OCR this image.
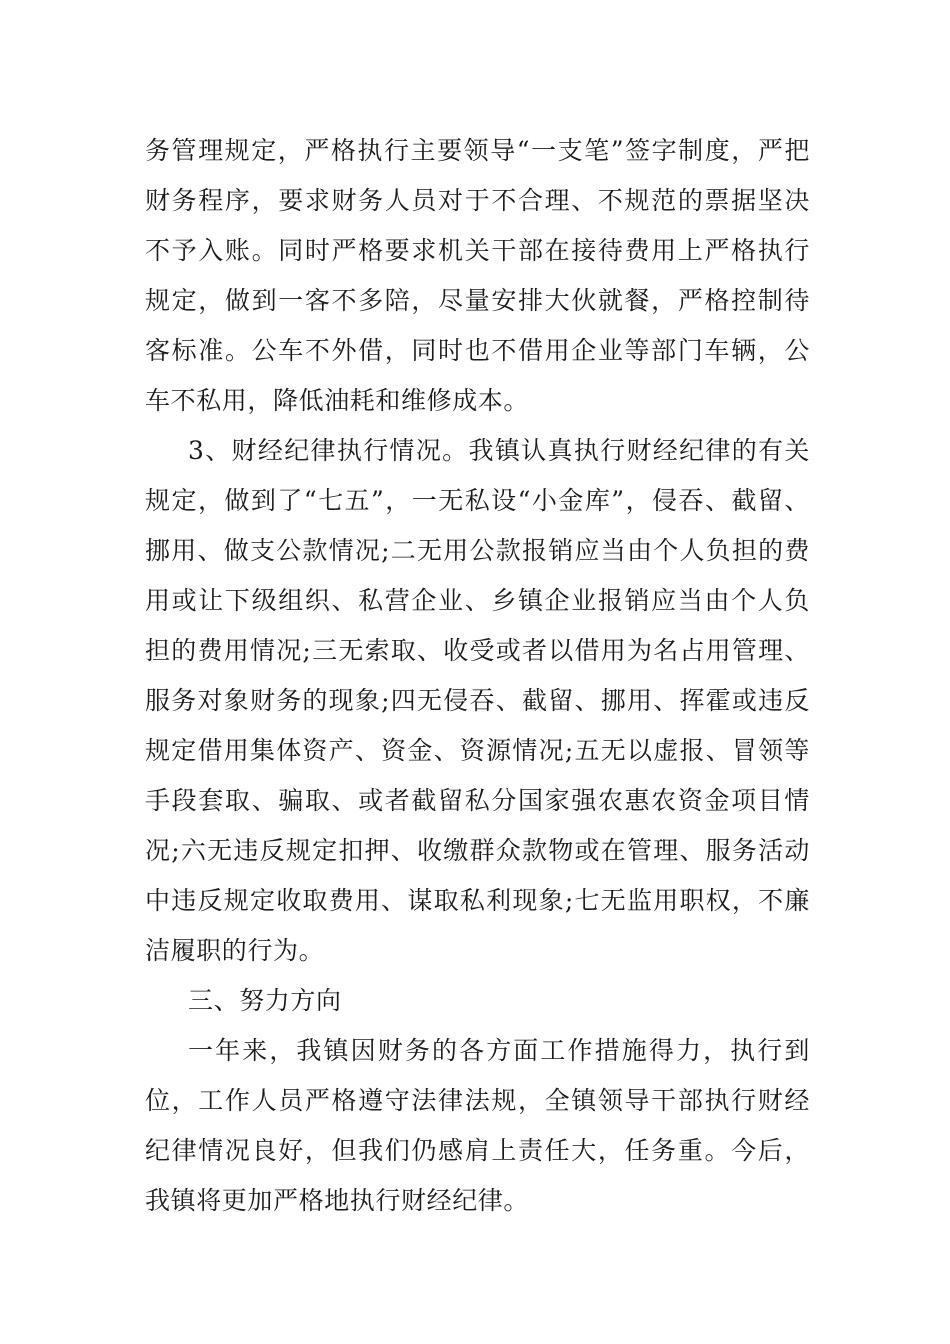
务管理规定，严格执行主要领导“一支笔”签字制度，严把财务程序，要求财务人员对于不合理、不规范的票据坚决不予入账。同时严格要求机关干部在接待费用上严格执行规定，做到一客不多陪，尽量安排大伙就餐，严格控制待客标准。公车不外借，同时也不借用企业等部门车辆，公车不私用，降低油耗和维修成本。

3、财经纪律执行情况。我镇认真执行财经纪律的有关规定，做到了“七五”，一无私设“小金库”，侵吞、截留、挪用、做支公款情况;二无用公款报销应当由个人负担的费用或让下级组织、私营企业、乡镇企业报销应当由个人负担的费用情况;三无索取、收受或者以借用为名占用管理、服务对象财务的现象;四无侵吞、截留、挪用、挥霍或违反规定借用集体资产、资金、资源情况;五无以虚报、冒领等手段套取、骗取、或者截留私分国家强农惠农资金项目情况;六无违反规定扣押、收缴群众款物或在管理、服务活动中违反规定收取费用、谋取私利现象;七无监用职权，不廉洁履职的行为。

三、努力方向

一年来，我镇因财务的各方面工作措施得力，执行到位，工作人员严格遵守法律法规，全镇领导干部执行财经纪律情况良好，但我们仍感肩上责任大，任务重。今后，我镇将更加严格地执行财经纪律。
